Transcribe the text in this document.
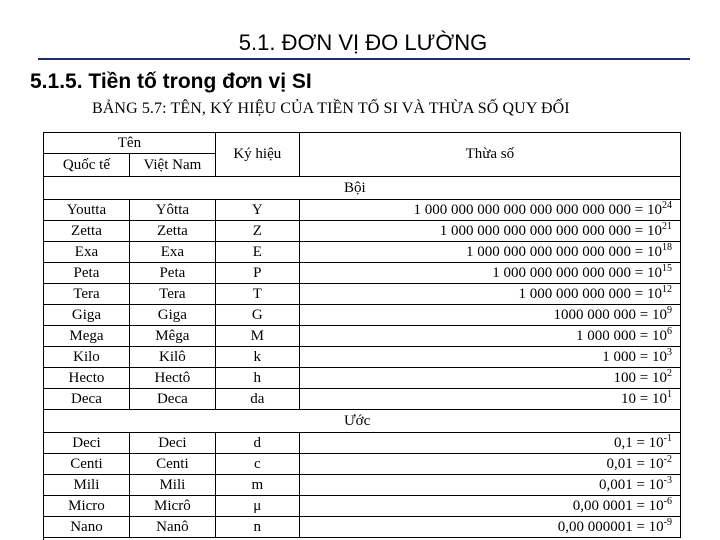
5.1. ĐƠN VỊ ĐO LƯỜNG
5.1.5. Tiền tố trong đơn vị SI
BẢNG 5.7: TÊN, KÝ HIỆU CỦA TIỀN TỐ SI VÀ THỪA SỐ QUY ĐỔI
Tên		Ký hiệu	Thừa số
Quốc tế	Việt Nam		
Bội			
Youtta	Yôtta	Y	1 000 000 000 000 000 000 000 $000 = 10^{24}$
Zetta	Zetta	Z	1 000 000 000 000 000 000 $000 = 10^{21}$
Exa	Exa	E	1 000 000 000 000 000 $000 = 10^{18}$
Peta	Peta	P	1 000 000 000 000 $000 = 10^{15}$
Tera	Tera	T	1 000 000 000 $000 = 10^{12}$
Giga	Giga	G	1000 000 $000 = 10^9$
Mega	Mêga	M	1 000 $000 = 10^6$
Kilo	Kilô	k	1 $000 = 10^3$
Hecto	Hectô	h	$100 = 10^2$
Deca	Deca	da	$10 = 10^1$
Ước			
Deci	Deci	d	$0,1 = 10^{-1}$
Centi	Centi	c	$0,01 = 10^{-2}$
Mili	Mili	m	$0,001 = 10^{-3}$
Micro	Micrô	μ	0,00 $0001 = 10^{-6}$
Nano	Nanô	n	0,00 $000001 = 10^{-9}$
